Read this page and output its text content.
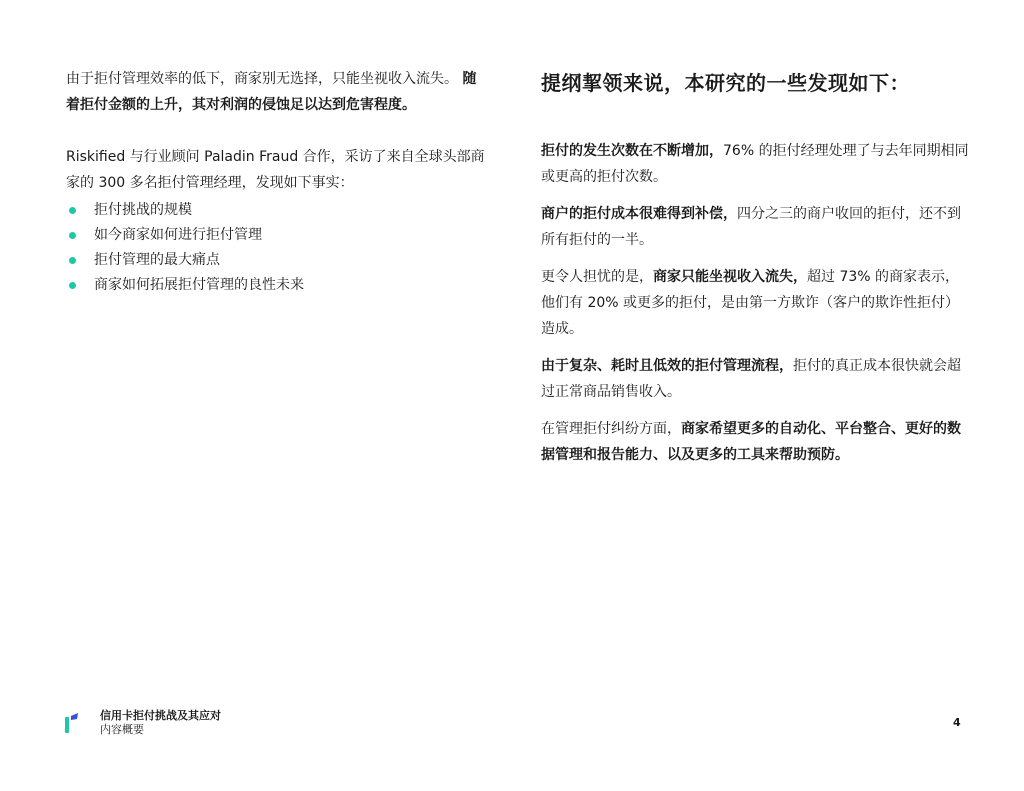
由于拒付管理效率的低下，商家别无选择，只能坐视收入流失。 随着拒付金额的上升，其对利润的侵蚀足以达到危害程度。

Riskified 与行业顾问 Paladin Fraud 合作，采访了来自全球头部商家的 300 多名拒付管理经理，发现如下事实：

拒付挑战的规模
如今商家如何进行拒付管理
拒付管理的最大痛点
商家如何拓展拒付管理的良性未来
提纲挈领来说，本研究的一些发现如下：

拒付的发生次数在不断增加，76% 的拒付经理处理了与去年同期相同或更高的拒付次数。

商户的拒付成本很难得到补偿，四分之三的商户收回的拒付，还不到所有拒付的一半。

更令人担忧的是，商家只能坐视收入流失，超过 73% 的商家表示，他们有 20% 或更多的拒付，是由第一方欺诈（客户的欺诈性拒付）造成。

由于复杂、耗时且低效的拒付管理流程，拒付的真正成本很快就会超过正常商品销售收入。

在管理拒付纠纷方面，商家希望更多的自动化、平台整合、更好的数据管理和报告能力、以及更多的工具来帮助预防。

信用卡拒付挑战及其应对
内容概要
4
